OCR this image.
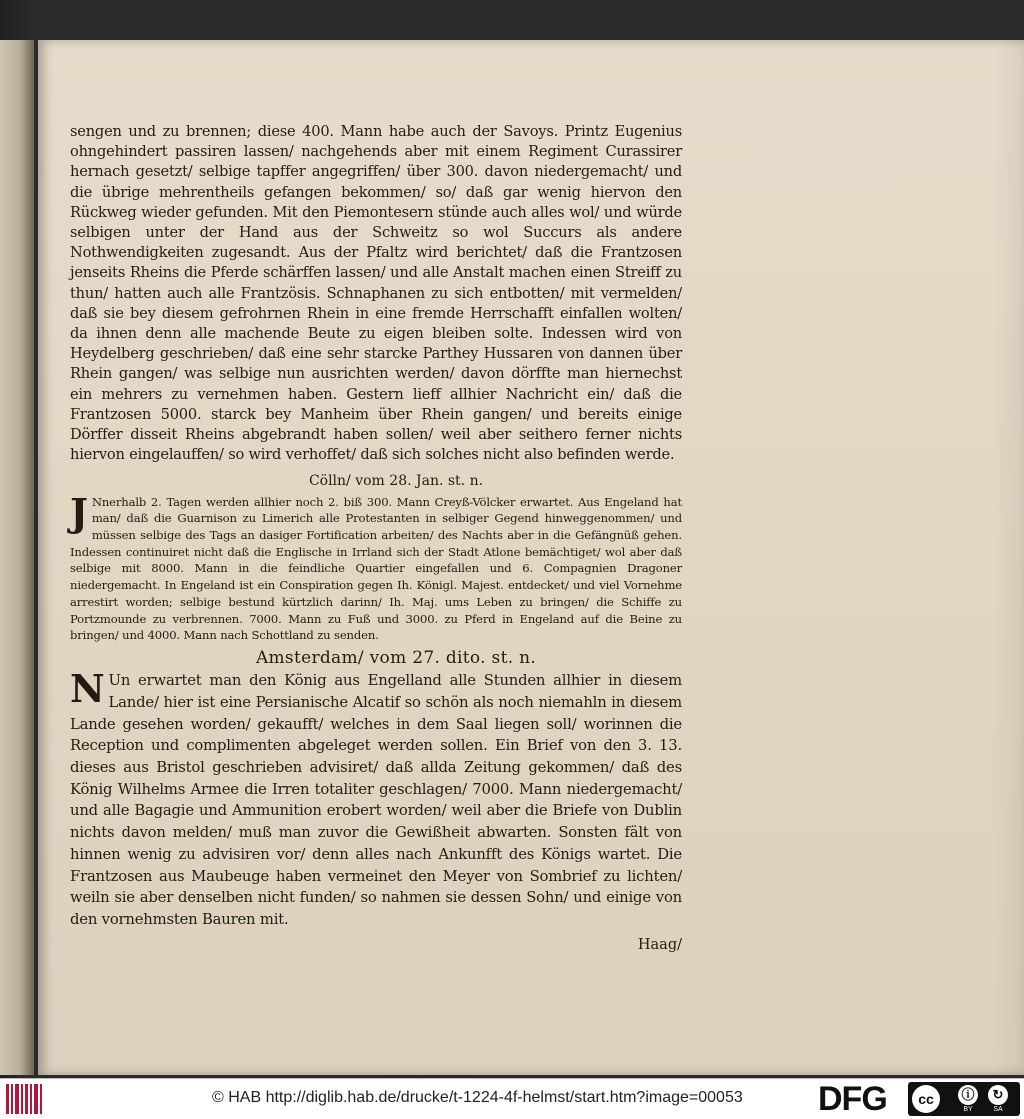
sengen und zu brennen; diese 400. Mann habe auch der Savoys. Printz Eugenius ohngehindert passiren lassen/ nachgehends aber mit einem Regiment Curassirer hernach gesetzt/ selbige tapffer angegriffen/ über 300. davon niedergemacht/ und die übrige mehrentheils gefangen bekommen/ so/ daß gar wenig hiervon den Rückweg wieder gefunden. Mit den Piemontesern stünde auch alles wol/ und würde selbigen unter der Hand aus der Schweitz so wol Succurs als andere Nothwendigkeiten zugesandt. Aus der Pfaltz wird berichtet/ daß die Frantzosen jenseits Rheins die Pferde schärffen lassen/ und alle Anstalt machen einen Streiff zu thun/ hatten auch alle Frantzösis. Schnaphanen zu sich entbotten/ mit vermelden/ daß sie bey diesem gefrohrnen Rhein in eine fremde Herrschafft einfallen wolten/ da ihnen denn alle machende Beute zu eigen bleiben solte. Indessen wird von Heydelberg geschrieben/ daß eine sehr starcke Parthey Hussaren von dannen über Rhein gangen/ was selbige nun ausrichten werden/ davon dörffte man hiernechst ein mehrers zu vernehmen haben. Gestern lieff allhier Nachricht ein/ daß die Frantzosen 5000. starck bey Manheim über Rhein gangen/ und bereits einige Dörffer disseit Rheins abgebrandt haben sollen/ weil aber seithero ferner nichts hiervon eingelauffen/ so wird verhoffet/ daß sich solches nicht also befinden werde.

Cölln/ vom 28. Jan. st. n.

J Nnerhalb 2. Tagen werden allhier noch 2. biß 300. Mann Creyß-Völcker erwartet. Aus Engeland hat man/ daß die Guarnison zu Limerich alle Protestanten in selbiger Gegend hinweggenommen/ und müssen selbige des Tags an dasiger Fortification arbeiten/ des Nachts aber in die Gefängnüß gehen. Indessen continuiret nicht daß die Englische in Irrland sich der Stadt Atlone bemächtiget/ wol aber daß selbige mit 8000. Mann in die feindliche Quartier eingefallen und 6. Compagnien Dragoner niedergemacht. In Engeland ist ein Conspiration gegen Ih. Königl. Majest. entdecket/ und viel Vornehme arrestirt worden; selbige bestund kürtzlich darinn/ Ih. Maj. ums Leben zu bringen/ die Schiffe zu Portzmounde zu verbrennen. 7000. Mann zu Fuß und 3000. zu Pferd in Engeland auf die Beine zu bringen/ und 4000. Mann nach Schottland zu senden.

Amsterdam/ vom 27. dito. st. n.

N Un erwartet man den König aus Engelland alle Stunden allhier in diesem Lande/ hier ist eine Persianische Alcatif so schön als noch niemahln in diesem Lande gesehen worden/ gekaufft/ welches in dem Saal liegen soll/ worinnen die Reception und complimenten abgeleget werden sollen. Ein Brief von den 3. 13. dieses aus Bristol geschrieben advisiret/ daß allda Zeitung gekommen/ daß des König Wilhelms Armee die Irren totaliter geschlagen/ 7000. Mann niedergemacht/ und alle Bagagie und Ammunition erobert worden/ weil aber die Briefe von Dublin nichts davon melden/ muß man zuvor die Gewißheit abwarten. Sonsten fält von hinnen wenig zu advisiren vor/ denn alles nach Ankunfft des Königs wartet. Die Frantzosen aus Maubeuge haben vermeinet den Meyer von Sombrief zu lichten/ weiln sie aber denselben nicht funden/ so nahmen sie dessen Sohn/ und einige von den vornehmsten Bauren mit.

Haag/
© HAB http://diglib.hab.de/drucke/t-1224-4f-helmst/start.htm?image=00053 DFG	cc	ⓘ	↻
BY	SA
